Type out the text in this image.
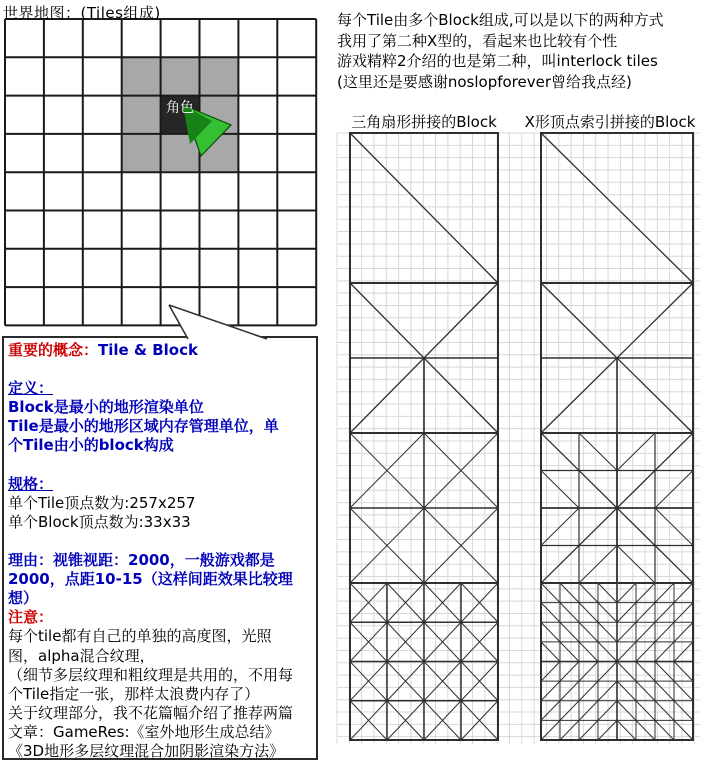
世界地图：(Tiles组成)
角色
每个Tile由多个Block组成,可以是以下的两种方式
我用了第二种X型的，看起来也比较有个性
游戏精粹2介绍的也是第二种，叫interlock tiles
(这里还是要感谢noslopforever曾给我点经)
三角扇形拼接的Block	X形顶点索引拼接的Block
重要的概念：Tile & Block

定义：
Block是最小的地形渲染单位
Tile是最小的地形区域内存管理单位，单
个Tile由小的block构成

规格：
单个Tile顶点数为:257x257
单个Block顶点数为:33x33

理由：视锥视距：2000，一般游戏都是
2000，点距10-15（这样间距效果比较理
想）
注意：
每个tile都有自己的单独的高度图，光照
图，alpha混合纹理，
（细节多层纹理和粗纹理是共用的，不用每
个Tile指定一张，那样太浪费内存了）
关于纹理部分，我不花篇幅介绍了推荐两篇
文章：GameRes:《室外地形生成总结》
《3D地形多层纹理混合加阴影渲染方法》
